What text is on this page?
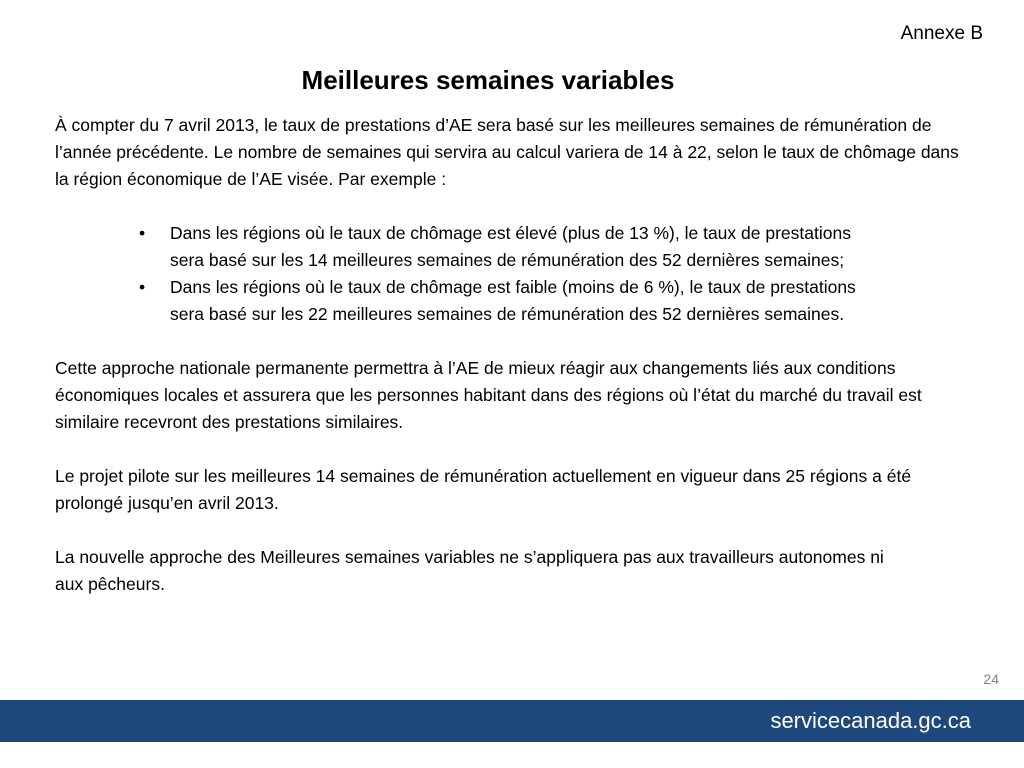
Annexe B
Meilleures semaines variables

À compter du 7 avril 2013, le taux de prestations d’AE sera basé sur les meilleures semaines de rémunération de l’année précédente. Le nombre de semaines qui servira au calcul variera de 14 à 22, selon le taux de chômage dans la région économique de l’AE visée. Par exemple :

• Dans les régions où le taux de chômage est élevé (plus de 13 %), le taux de prestations sera basé sur les 14 meilleures semaines de rémunération des 52 dernières semaines;
• Dans les régions où le taux de chômage est faible (moins de 6 %), le taux de prestations sera basé sur les 22 meilleures semaines de rémunération des 52 dernières semaines.

Cette approche nationale permanente permettra à l’AE de mieux réagir aux changements liés aux conditions économiques locales et assurera que les personnes habitant dans des régions où l’état du marché du travail est similaire recevront des prestations similaires.

Le projet pilote sur les meilleures 14 semaines de rémunération actuellement en vigueur dans 25 régions a été prolongé jusqu’en avril 2013.

La nouvelle approche des Meilleures semaines variables ne s’appliquera pas aux travailleurs autonomes ni aux pêcheurs.

24
servicecanada.gc.ca
